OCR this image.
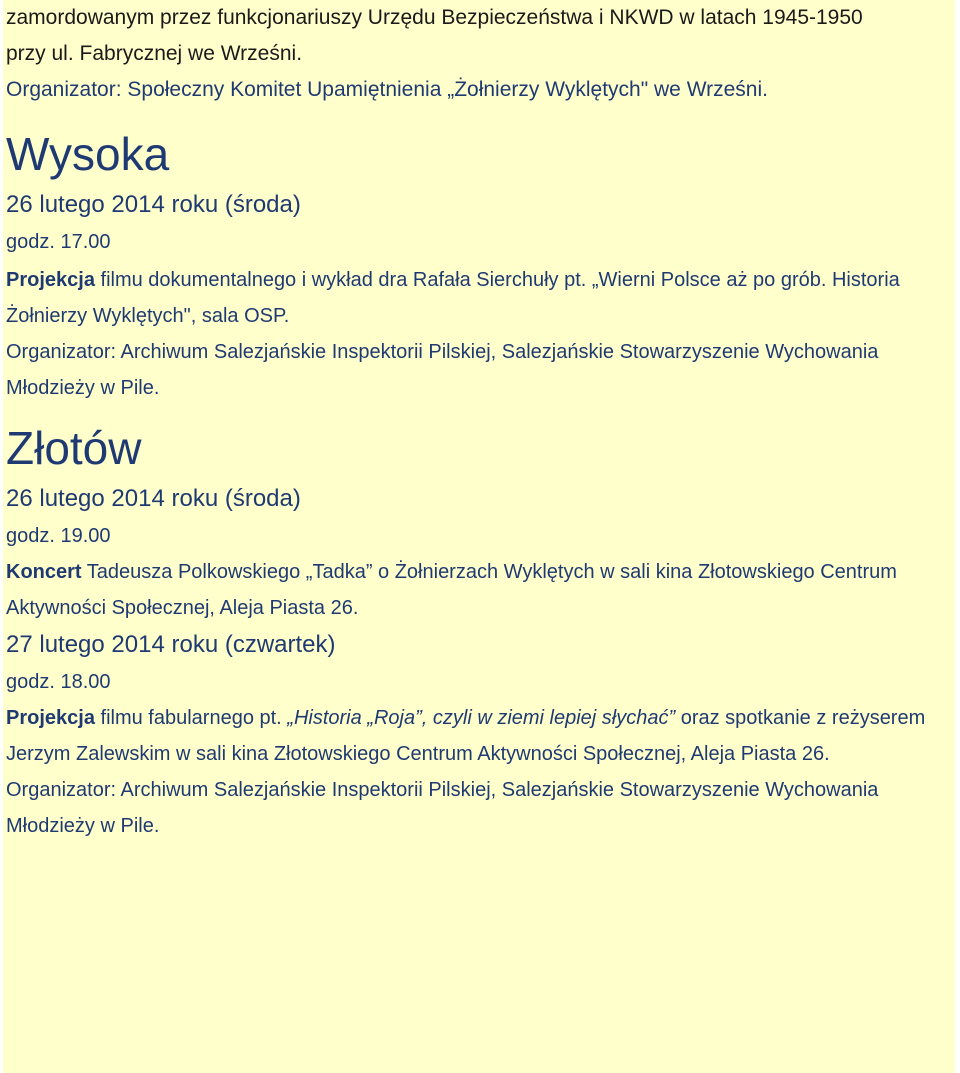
zamordowanym przez funkcjonariuszy Urzędu Bezpieczeństwa i NKWD w latach 1945-1950
przy ul. Fabrycznej we Wrześni.
Organizator: Społeczny Komitet Upamiętnienia „Żołnierzy Wyklętych" we Wrześni.
Wysoka
26 lutego 2014 roku (środa)
godz. 17.00
Projekcja filmu dokumentalnego i wykład dra Rafała Sierchuły pt. „Wierni Polsce aż po grób. Historia Żołnierzy Wyklętych", sala OSP.
Organizator: Archiwum Salezjańskie Inspektorii Pilskiej, Salezjańskie Stowarzyszenie Wychowania Młodzieży w Pile.
Złotów
26 lutego 2014 roku (środa)
godz. 19.00
Koncert Tadeusza Polkowskiego „Tadka” o Żołnierzach Wyklętych w sali kina Złotowskiego Centrum Aktywności Społecznej, Aleja Piasta 26.
27 lutego 2014 roku (czwartek)
godz. 18.00
Projekcja filmu fabularnego pt. „Historia „Roja”, czyli w ziemi lepiej słychać” oraz spotkanie z reżyserem Jerzym Zalewskim w sali kina Złotowskiego Centrum Aktywności Społecznej, Aleja Piasta 26.
Organizator: Archiwum Salezjańskie Inspektorii Pilskiej, Salezjańskie Stowarzyszenie Wychowania Młodzieży w Pile.
